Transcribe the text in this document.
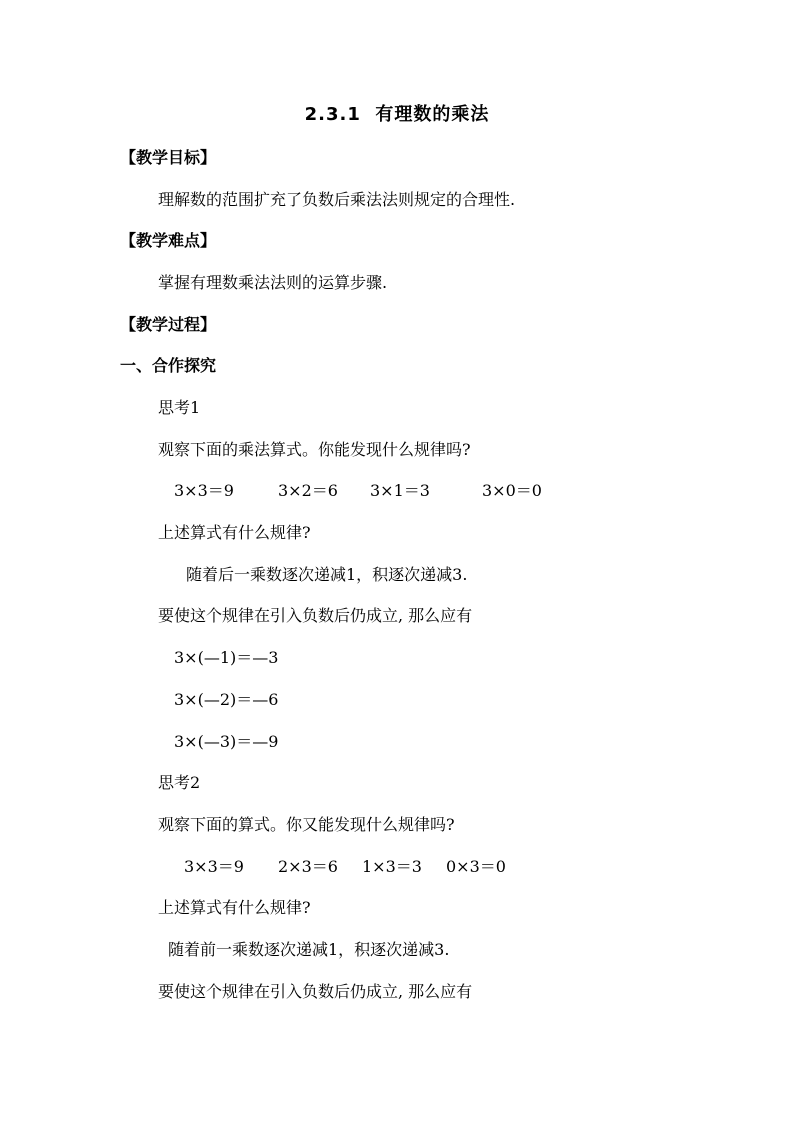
2.3.1  有理数的乘法
【教学目标】
理解数的范围扩充了负数后乘法法则规定的合理性.
【教学难点】
掌握有理数乘法法则的运算步骤.
【教学过程】
一、合作探究
思考1
观察下面的乘法算式。你能发现什么规律吗?
3×3＝9	3×2＝6 3×1＝3	3×0＝0
上述算式有什么规律?
随着后一乘数逐次递减1，积逐次递减3.
要使这个规律在引入负数后仍成立, 那么应有
3×(—1)＝—3
3×(—2)＝—6
3×(—3)＝—9
思考2
观察下面的算式。你又能发现什么规律吗?
3×3＝9 2×3＝6 1×3＝3 0×3＝0
上述算式有什么规律?
随着前一乘数逐次递减1，积逐次递减3.
要使这个规律在引入负数后仍成立, 那么应有
